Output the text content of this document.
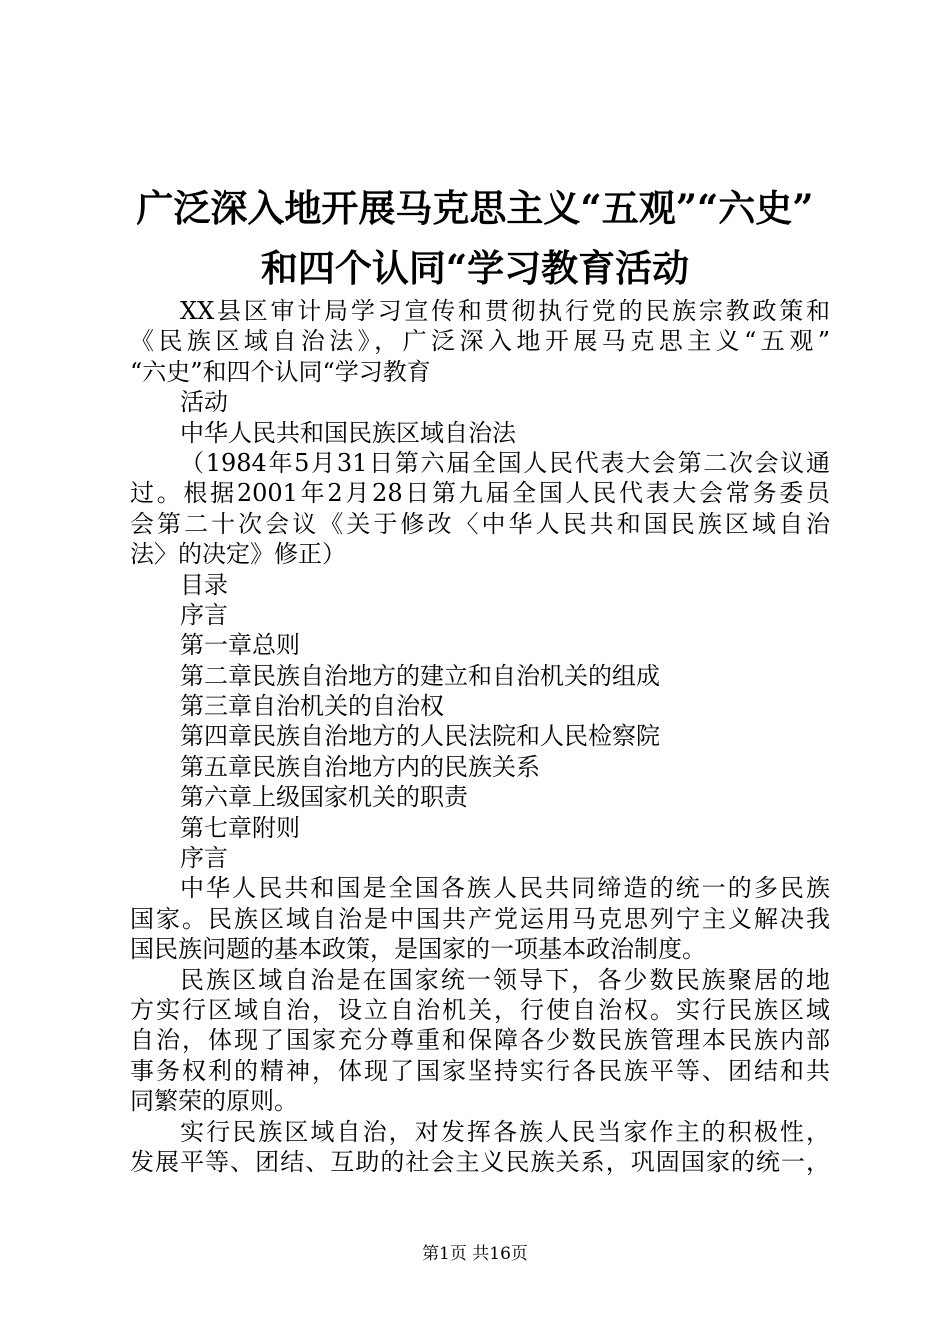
广泛深入地开展马克思主义“五观”“六史”
和四个认同“学习教育活动
XX县区审计局学习宣传和贯彻执行党的民族宗教政策和
《民族区域自治法》，广泛深入地开展马克思主义“五观”
“六史”和四个认同“学习教育
活动
中华人民共和国民族区域自治法
（1984年5月31日第六届全国人民代表大会第二次会议通
过。根据2001年2月28日第九届全国人民代表大会常务委员
会第二十次会议《关于修改〈中华人民共和国民族区域自治
法〉的决定》修正）
目录
序言
第一章总则
第二章民族自治地方的建立和自治机关的组成
第三章自治机关的自治权
第四章民族自治地方的人民法院和人民检察院
第五章民族自治地方内的民族关系
第六章上级国家机关的职责
第七章附则
序言
中华人民共和国是全国各族人民共同缔造的统一的多民族
国家。民族区域自治是中国共产党运用马克思列宁主义解决我
国民族问题的基本政策，是国家的一项基本政治制度。
民族区域自治是在国家统一领导下，各少数民族聚居的地
方实行区域自治，设立自治机关，行使自治权。实行民族区域
自治，体现了国家充分尊重和保障各少数民族管理本民族内部
事务权利的精神，体现了国家坚持实行各民族平等、团结和共
同繁荣的原则。
实行民族区域自治，对发挥各族人民当家作主的积极性，
发展平等、团结、互助的社会主义民族关系，巩固国家的统一，
第1页 共16页
